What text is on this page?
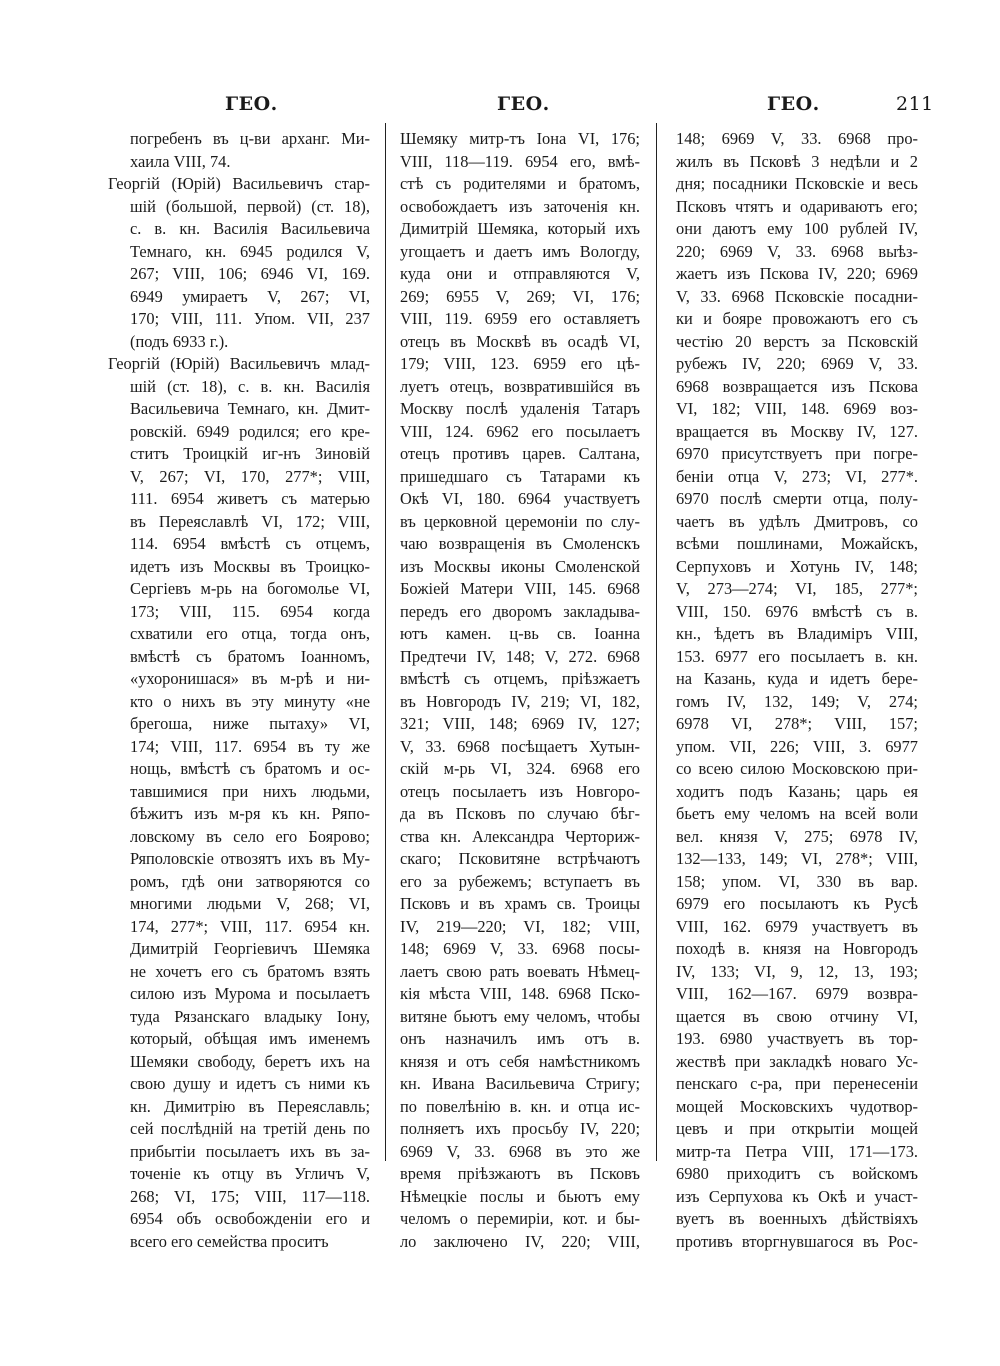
ГЕО.	ГЕО.	ГЕО.	211
погребенъ въ ц-ви арханг. Ми-
хаила VIII, 74.
Георгій (Юрій) Васильевичъ стар-
шій (большой, первой) (ст. 18),
с. в. кн. Василія Васильевича
Темнаго, кн. 6945 родился V,
267; VIII, 106; 6946 VI, 169.
6949 умираетъ V, 267; VI,
170; VIII, 111. Упом. VII, 237
(подъ 6933 г.).
Георгій (Юрій) Васильевичъ млад-
шій (ст. 18), с. в. кн. Василія
Васильевича Темнаго, кн. Дмит-
ровскій. 6949 родился; его кре-
ститъ Троицкій иг-нъ Зиновій
V, 267; VI, 170, 277*; VIII,
111. 6954 живетъ съ матерью
въ Переяславлѣ VI, 172; VIII,
114. 6954 вмѣстѣ съ отцемъ,
идетъ изъ Москвы въ Троицко-
Сергіевъ м-рь на богомолье VI,
173; VIII, 115. 6954 когда
схватили его отца, тогда онъ,
вмѣстѣ съ братомъ Іоанномъ,
«ухоронишася» въ м-рѣ и ни-
кто о нихъ въ эту минуту «не
брегоша, ниже пытаху» VI,
174; VIII, 117. 6954 въ ту же
нощь, вмѣстѣ съ братомъ и ос-
тавшимися при нихъ людьми,
бѣжитъ изъ м-ря къ кн. Ряпо-
ловскому въ село его Боярово;
Ряполовскіе отвозятъ ихъ въ Му-
ромъ, гдѣ они затворяются со
многими людьми V, 268; VI,
174, 277*; VIII, 117. 6954 кн.
Димитрій Георгіевичъ Шемяка
не хочетъ его съ братомъ взять
силою изъ Мурома и посылаетъ
туда Рязанскаго владыку Іону,
который, обѣщая имъ именемъ
Шемяки свободу, беретъ ихъ на
свою душу и идетъ съ ними къ
кн. Димитрію въ Переяславль;
сей послѣдній на третій день по
прибытіи посылаетъ ихъ въ за-
точеніе къ отцу въ Угличъ V,
268; VI, 175; VIII, 117—118.
6954 объ освобожденіи его и
всего его семейства проситъ
Шемяку митр-тъ Іона VI, 176;
VIII, 118—119. 6954 его, вмѣ-
стѣ съ родителями и братомъ,
освобождаетъ изъ заточенія кн.
Димитрій Шемяка, который ихъ
угощаетъ и даетъ имъ Вологду,
куда они и отправляются V,
269; 6955 V, 269; VI, 176;
VIII, 119. 6959 его оставляетъ
отецъ въ Москвѣ въ осадѣ VI,
179; VIII, 123. 6959 его цѣ-
луетъ отецъ, возвратившійся въ
Москву послѣ удаленія Татаръ
VIII, 124. 6962 его посылаетъ
отецъ противъ царев. Салтана,
пришедшаго съ Татарами къ
Окѣ VI, 180. 6964 участвуетъ
въ церковной церемоніи по слу-
чаю возвращенія въ Смоленскъ
изъ Москвы иконы Смоленской
Божіей Матери VIII, 145. 6968
передъ его дворомъ закладыва-
ютъ камен. ц-вь св. Іоанна
Предтечи IV, 148; V, 272. 6968
вмѣстѣ съ отцемъ, пріѣзжаетъ
въ Новгородъ IV, 219; VI, 182,
321; VIII, 148; 6969 IV, 127;
V, 33. 6968 посѣщаетъ Хутын-
скій м-рь VI, 324. 6968 его
отецъ посылаетъ изъ Новгоро-
да въ Псковъ по случаю бѣг-
ства кн. Александра Черториж-
скаго; Псковитяне встрѣчаютъ
его за рубежемъ; вступаетъ въ
Псковъ и въ храмъ св. Троицы
IV, 219—220; VI, 182; VIII,
148; 6969 V, 33. 6968 посы-
лаетъ свою рать воевать Нѣмец-
кія мѣста VIII, 148. 6968 Пско-
витяне бьютъ ему челомъ, чтобы
онъ назначилъ имъ отъ в.
князя и отъ себя намѣстникомъ
кн. Ивана Васильевича Стригу;
по повелѣнію в. кн. и отца ис-
полняетъ ихъ просьбу IV, 220;
6969 V, 33. 6968 въ это же
время пріѣзжаютъ въ Псковъ
Нѣмецкіе послы и бьютъ ему
челомъ о перемиріи, кот. и бы-
ло заключено IV, 220; VIII,
148; 6969 V, 33. 6968 про-
жилъ въ Псковѣ 3 недѣли и 2
дня; посадники Псковскіе и весь
Псковъ чтятъ и одариваютъ его;
они даютъ ему 100 рублей IV,
220; 6969 V, 33. 6968 выѣз-
жаетъ изъ Пскова IV, 220; 6969
V, 33. 6968 Псковскіе посадни-
ки и бояре провожаютъ его съ
честію 20 верстъ за Псковскій
рубежъ IV, 220; 6969 V, 33.
6968 возвращается изъ Пскова
VI, 182; VIII, 148. 6969 воз-
вращается въ Москву IV, 127.
6970 присутствуетъ при погре-
беніи отца V, 273; VI, 277*.
6970 послѣ смерти отца, полу-
чаетъ въ удѣлъ Дмитровъ, со
всѣми пошлинами, Можайскъ,
Серпуховъ и Хотунь IV, 148;
V, 273—274; VI, 185, 277*;
VIII, 150. 6976 вмѣстѣ съ в.
кн., ѣдетъ въ Владиміръ VIII,
153. 6977 его посылаетъ в. кн.
на Казань, куда и идетъ бере-
гомъ IV, 132, 149; V, 274;
6978 VI, 278*; VIII, 157;
упом. VII, 226; VIII, 3. 6977
со всею силою Московскою при-
ходитъ подъ Казань; царь ея
бьетъ ему челомъ на всей воли
вел. князя V, 275; 6978 IV,
132—133, 149; VI, 278*; VIII,
158; упом. VI, 330 въ вар.
6979 его посылаютъ къ Русѣ
VIII, 162. 6979 участвуетъ въ
походѣ в. князя на Новгородъ
IV, 133; VI, 9, 12, 13, 193;
VIII, 162—167. 6979 возвра-
щается въ свою отчину VI,
193. 6980 участвуетъ въ тор-
жествѣ при закладкѣ новаго Ус-
пенскаго с-ра, при перенесеніи
мощей Московскихъ чудотвор-
цевъ и при открытіи мощей
митр-та Петра VIII, 171—173.
6980 приходитъ съ войскомъ
изъ Серпухова къ Окѣ и участ-
вуетъ въ военныхъ дѣйствіяхъ
противъ вторгнувшагося въ Рос-
